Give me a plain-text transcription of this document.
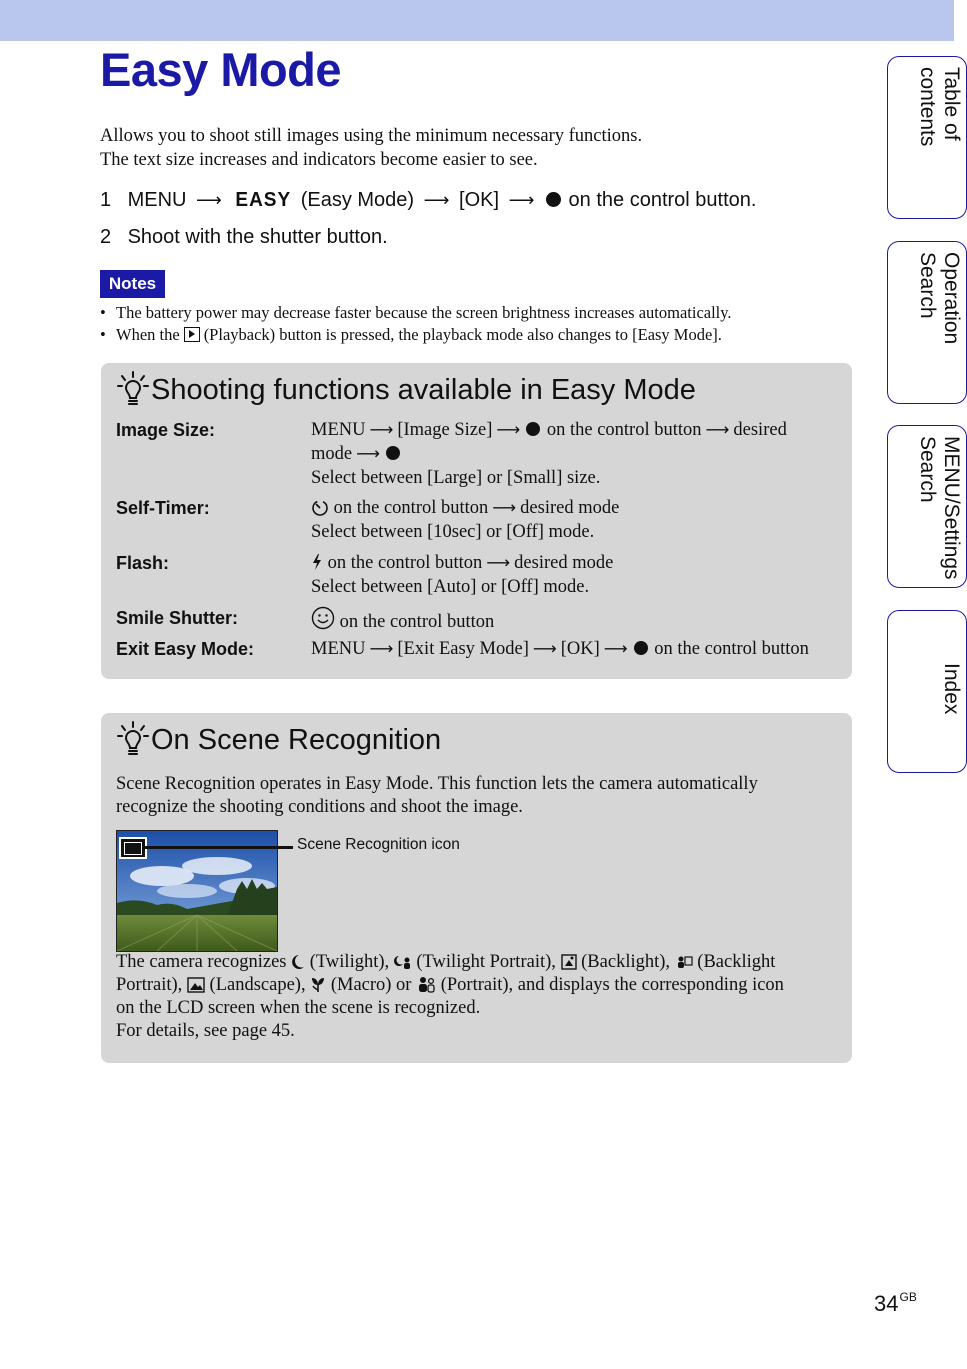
Easy Mode
Allows you to shoot still images using the minimum necessary functions.
The text size increases and indicators become easier to see.
1 MENU ⟶ EASY (Easy Mode) ⟶ [OK] ⟶ on the control button.
2 Shoot with the shutter button.
Notes
• The battery power may decrease faster because the screen brightness increases automatically.
• When the (Playback) button is pressed, the playback mode also changes to [Easy Mode].
Shooting functions available in Easy Mode
Image Size:	MENU ⟶ [Image Size] ⟶ on the control button ⟶ desired
mode ⟶
Select between [Large] or [Small] size.
Self-Timer:	on the control button ⟶ desired mode
Select between [10sec] or [Off] mode.
Flash:	on the control button ⟶ desired mode
Select between [Auto] or [Off] mode.
Smile Shutter:	on the control button
Exit Easy Mode:	MENU ⟶ [Exit Easy Mode] ⟶ [OK] ⟶ on the control button
On Scene Recognition
Scene Recognition operates in Easy Mode. This function lets the camera automatically
recognize the shooting conditions and shoot the image.
Scene Recognition icon
The camera recognizes (Twilight), (Twilight Portrait), (Backlight), (Backlight
Portrait), (Landscape), (Macro) or (Portrait), and displays the corresponding icon
on the LCD screen when the scene is recognized.
For details, see page 45.
Table of
contents
Operation
Search
MENU/Settings
Search
Index
$34^{GB}$
